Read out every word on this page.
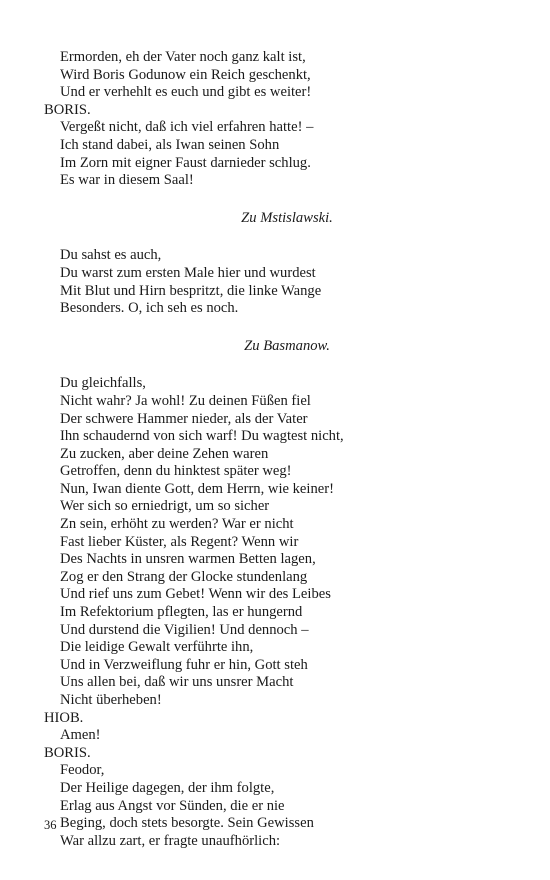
Ermorden, eh der Vater noch ganz kalt ist,
Wird Boris Godunow ein Reich geschenkt,
Und er verhehlt es euch und gibt es weiter!
BORIS.
Vergeßt nicht, daß ich viel erfahren hatte! –
Ich stand dabei, als Iwan seinen Sohn
Im Zorn mit eigner Faust darnieder schlug.
Es war in diesem Saal!
Zu Mstislawski.
Du sahst es auch,
Du warst zum ersten Male hier und wurdest
Mit Blut und Hirn bespritzt, die linke Wange
Besonders. O, ich seh es noch.
Zu Basmanow.
Du gleichfalls,
Nicht wahr? Ja wohl! Zu deinen Füßen fiel
Der schwere Hammer nieder, als der Vater
Ihn schaudernd von sich warf! Du wagtest nicht,
Zu zucken, aber deine Zehen waren
Getroffen, denn du hinktest später weg!
Nun, Iwan diente Gott, dem Herrn, wie keiner!
Wer sich so erniedrigt, um so sicher
Zn sein, erhöht zu werden? War er nicht
Fast lieber Küster, als Regent? Wenn wir
Des Nachts in unsren warmen Betten lagen,
Zog er den Strang der Glocke stundenlang
Und rief uns zum Gebet! Wenn wir des Leibes
Im Refektorium pflegten, las er hungernd
Und durstend die Vigilien! Und dennoch –
Die leidige Gewalt verführte ihn,
Und in Verzweiflung fuhr er hin, Gott steh
Uns allen bei, daß wir uns unsrer Macht
Nicht überheben!
HIOB.
Amen!
BORIS.
Feodor,
Der Heilige dagegen, der ihm folgte,
Erlag aus Angst vor Sünden, die er nie
Beging, doch stets besorgte. Sein Gewissen
War allzu zart, er fragte unaufhörlich:
36
